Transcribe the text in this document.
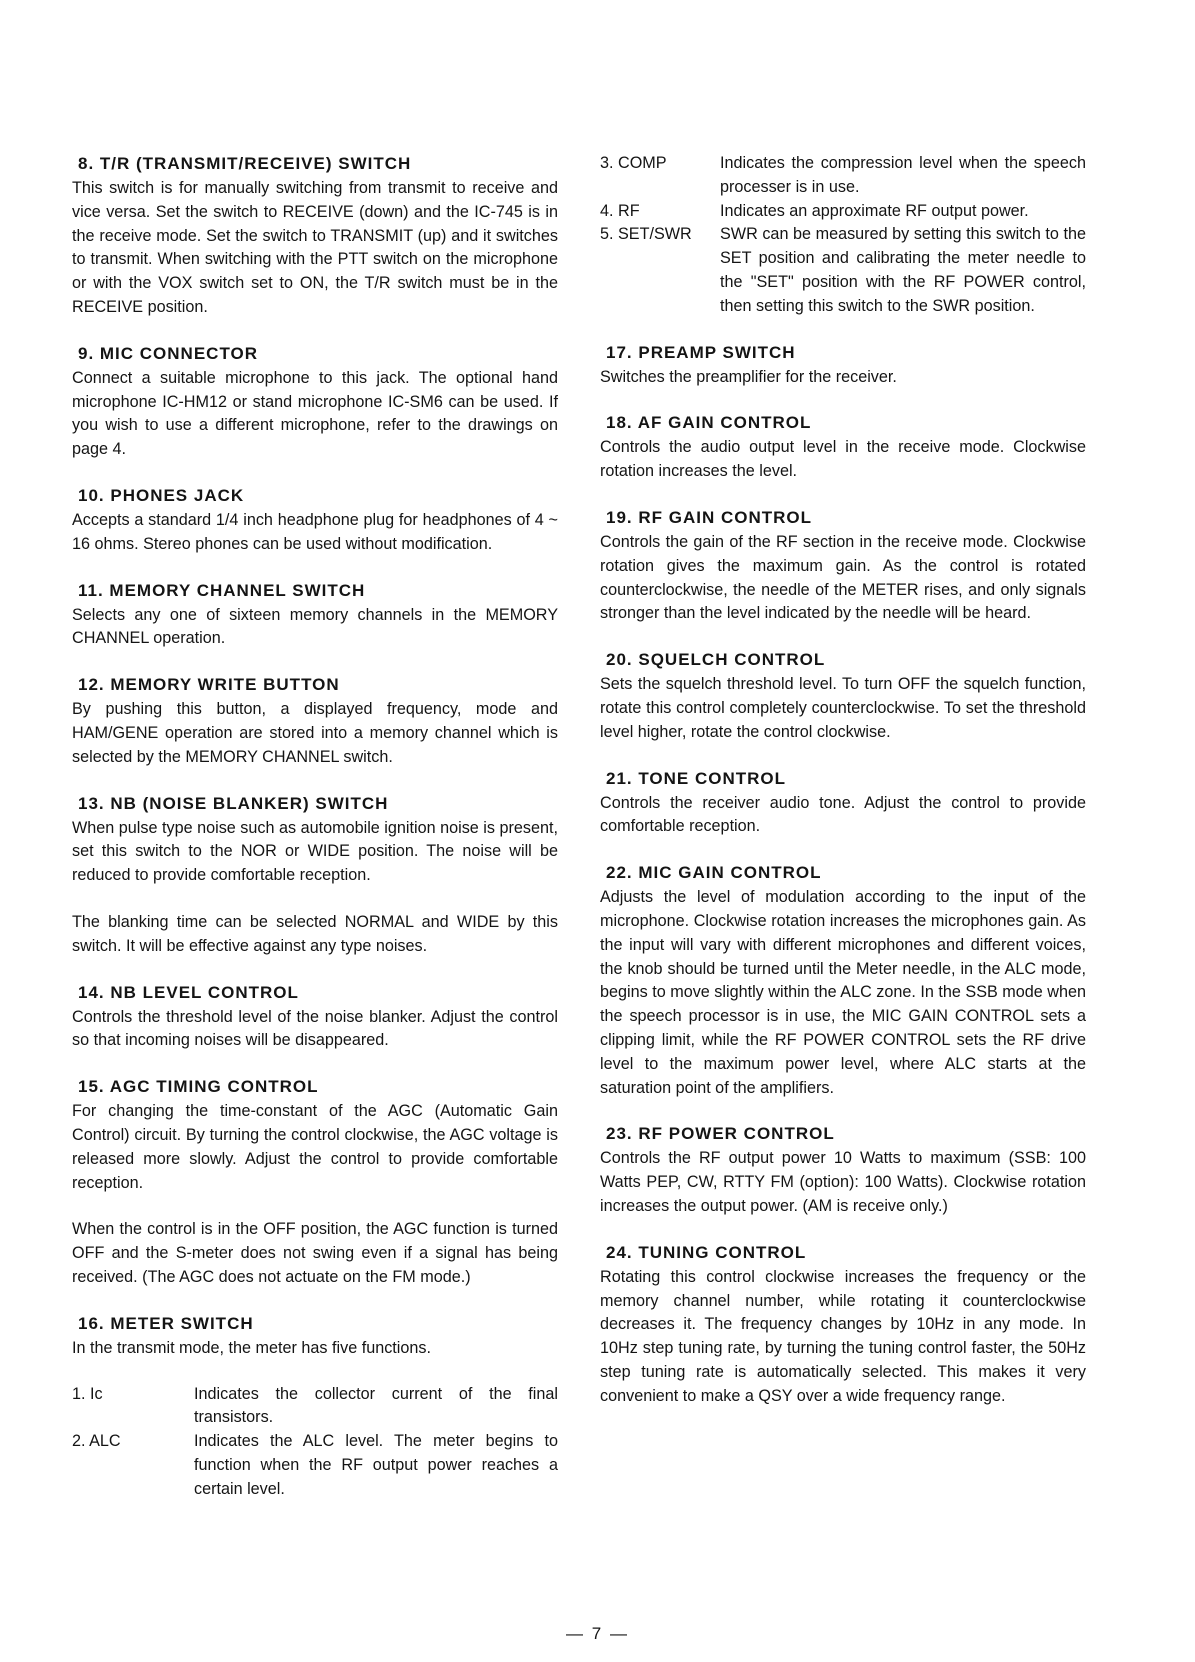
8. T/R (TRANSMIT/RECEIVE) SWITCH

This switch is for manually switching from transmit to receive and vice versa. Set the switch to RECEIVE (down) and the IC-745 is in the receive mode. Set the switch to TRANSMIT (up) and it switches to transmit. When switching with the PTT switch on the microphone or with the VOX switch set to ON, the T/R switch must be in the RECEIVE position.

9. MIC CONNECTOR

Connect a suitable microphone to this jack. The optional hand microphone IC-HM12 or stand microphone IC-SM6 can be used. If you wish to use a different microphone, refer to the drawings on page 4.

10. PHONES JACK

Accepts a standard 1/4 inch headphone plug for headphones of 4 ~ 16 ohms. Stereo phones can be used without modification.

11. MEMORY CHANNEL SWITCH

Selects any one of sixteen memory channels in the MEMORY CHANNEL operation.

12. MEMORY WRITE BUTTON

By pushing this button, a displayed frequency, mode and HAM/GENE operation are stored into a memory channel which is selected by the MEMORY CHANNEL switch.

13. NB (NOISE BLANKER) SWITCH

When pulse type noise such as automobile ignition noise is present, set this switch to the NOR or WIDE position. The noise will be reduced to provide comfortable reception.

The blanking time can be selected NORMAL and WIDE by this switch. It will be effective against any type noises.

14. NB LEVEL CONTROL

Controls the threshold level of the noise blanker. Adjust the control so that incoming noises will be disappeared.

15. AGC TIMING CONTROL

For changing the time-constant of the AGC (Automatic Gain Control) circuit. By turning the control clockwise, the AGC voltage is released more slowly. Adjust the control to provide comfortable reception.

When the control is in the OFF position, the AGC function is turned OFF and the S-meter does not swing even if a signal has being received. (The AGC does not actuate on the FM mode.)

16. METER SWITCH

In the transmit mode, the meter has five functions.

1. Ic	Indicates the collector current of the final transistors.
2. ALC	Indicates the ALC level. The meter begins to function when the RF output power reaches a certain level.
3. COMP	Indicates the compression level when the speech processer is in use.
4. RF	Indicates an approximate RF output power.
5. SET/SWR	SWR can be measured by setting this switch to the SET position and calibrating the meter needle to the "SET" position with the RF POWER control, then setting this switch to the SWR position.
17. PREAMP SWITCH

Switches the preamplifier for the receiver.

18. AF GAIN CONTROL

Controls the audio output level in the receive mode. Clockwise rotation increases the level.

19. RF GAIN CONTROL

Controls the gain of the RF section in the receive mode. Clockwise rotation gives the maximum gain. As the control is rotated counterclockwise, the needle of the METER rises, and only signals stronger than the level indicated by the needle will be heard.

20. SQUELCH CONTROL

Sets the squelch threshold level. To turn OFF the squelch function, rotate this control completely counterclockwise. To set the threshold level higher, rotate the control clockwise.

21. TONE CONTROL

Controls the receiver audio tone. Adjust the control to provide comfortable reception.

22. MIC GAIN CONTROL

Adjusts the level of modulation according to the input of the microphone. Clockwise rotation increases the microphones gain. As the input will vary with different microphones and different voices, the knob should be turned until the Meter needle, in the ALC mode, begins to move slightly within the ALC zone. In the SSB mode when the speech processor is in use, the MIC GAIN CONTROL sets a clipping limit, while the RF POWER CONTROL sets the RF drive level to the maximum power level, where ALC starts at the saturation point of the amplifiers.

23. RF POWER CONTROL

Controls the RF output power 10 Watts to maximum (SSB: 100 Watts PEP, CW, RTTY FM (option): 100 Watts). Clockwise rotation increases the output power. (AM is receive only.)

24. TUNING CONTROL

Rotating this control clockwise increases the frequency or the memory channel number, while rotating it counterclockwise decreases it. The frequency changes by 10Hz in any mode. In 10Hz step tuning rate, by turning the tuning control faster, the 50Hz step tuning rate is automatically selected. This makes it very convenient to make a QSY over a wide frequency range.

— 7 —
